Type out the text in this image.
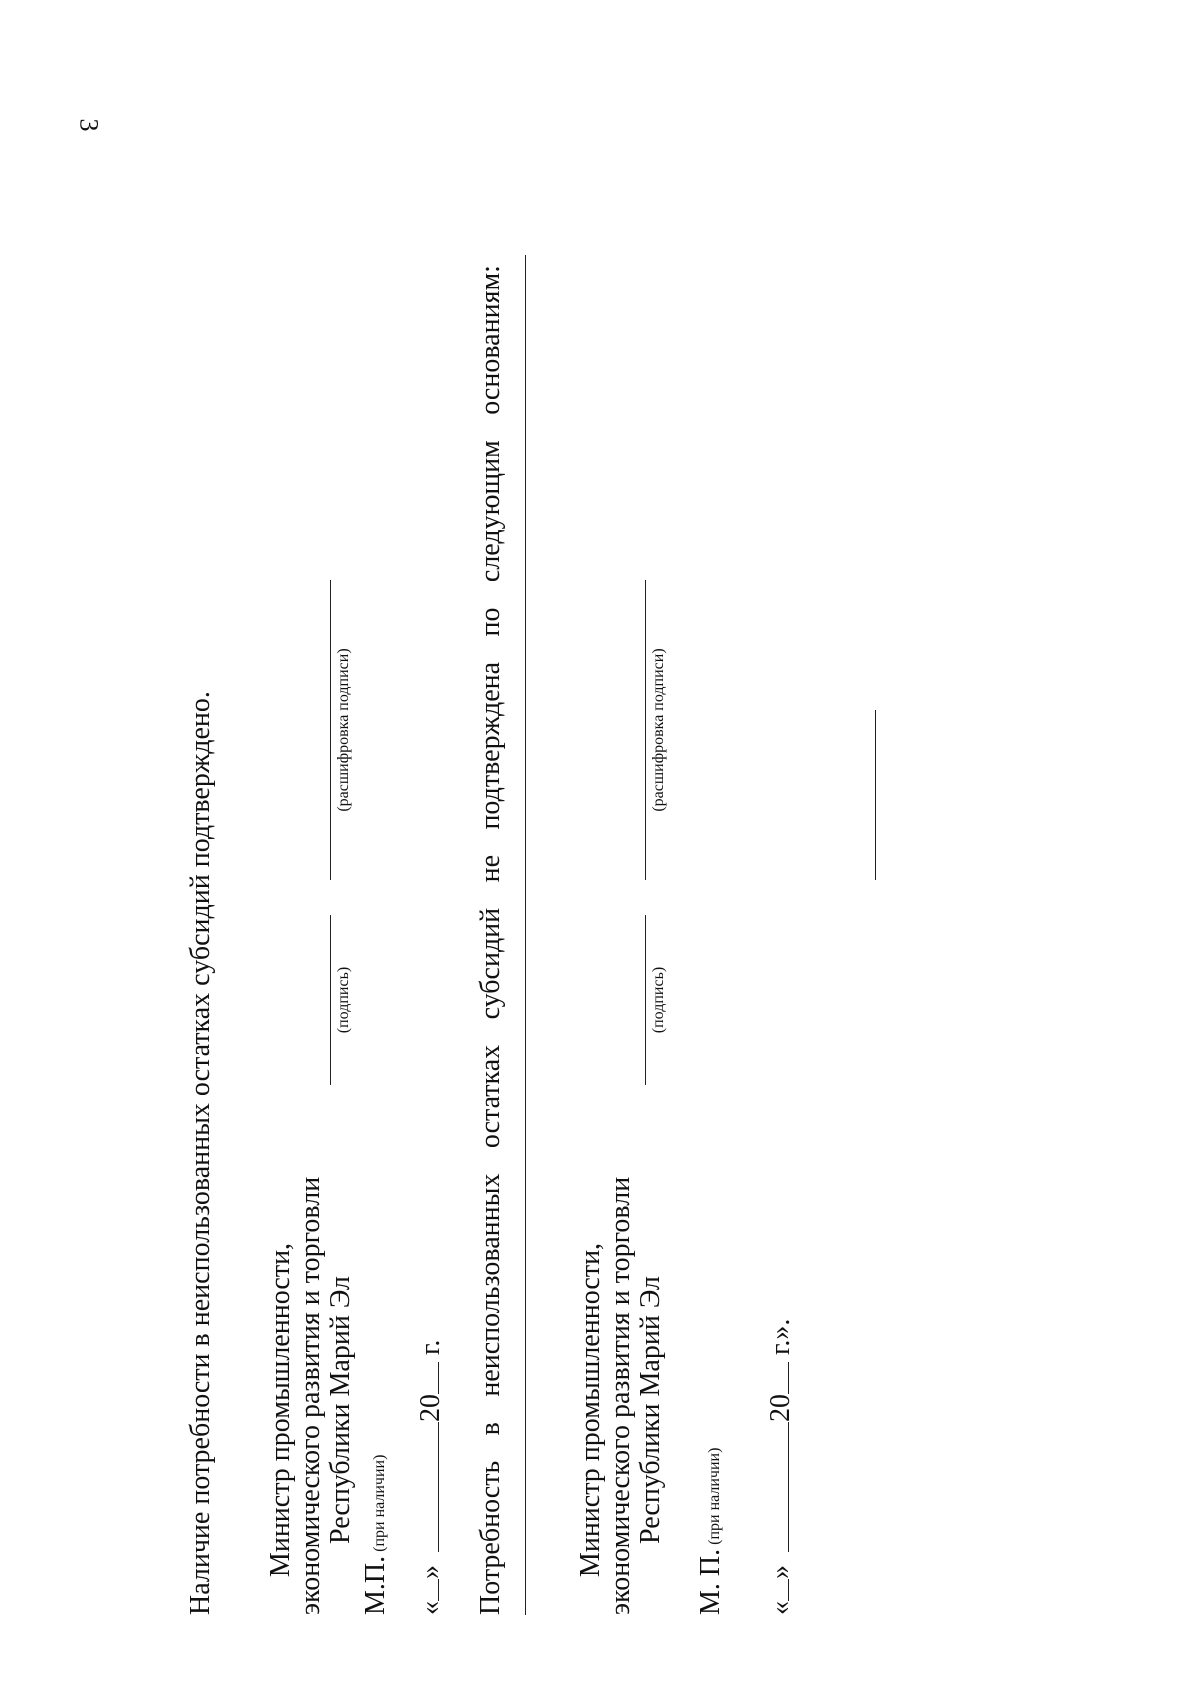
3
Наличие потребности в неиспользованных остатках субсидий подтверждено. Министр промышленности, экономического развития и торговли Республики Марий Эл
(подпись)
(расшифровка подписи)
М.П. (при наличии)
«» 20 г.
Потребность
в
неиспользованных
остатках
субсидий
не
подтверждена
по
следующим
основаниям:
Министр промышленности, экономического развития и торговли Республики Марий Эл
(подпись)
(расшифровка подписи)
М. П. (при наличии)
«» 20 г.».
